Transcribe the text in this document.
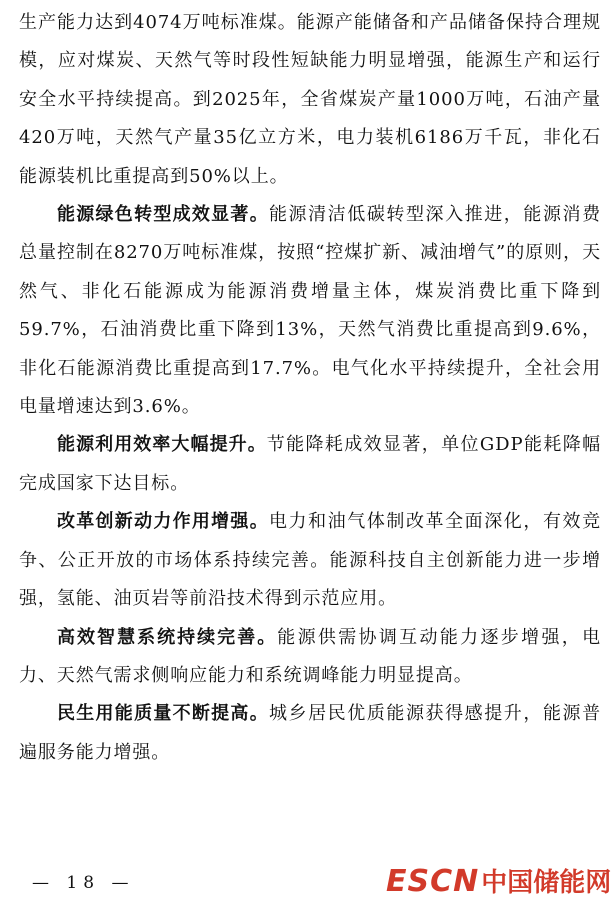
生产能力达到4074万吨标准煤。能源产能储备和产品储备保持合理规模，应对煤炭、天然气等时段性短缺能力明显增强，能源生产和运行安全水平持续提高。到2025年，全省煤炭产量1000万吨，石油产量420万吨，天然气产量35亿立方米，电力装机6186万千瓦，非化石能源装机比重提高到50%以上。

能源绿色转型成效显著。能源清洁低碳转型深入推进，能源消费总量控制在8270万吨标准煤，按照“控煤扩新、减油增气”的原则，天然气、非化石能源成为能源消费增量主体，煤炭消费比重下降到59.7%，石油消费比重下降到13%，天然气消费比重提高到9.6%，非化石能源消费比重提高到17.7%。电气化水平持续提升，全社会用电量增速达到3.6%。

能源利用效率大幅提升。节能降耗成效显著，单位GDP能耗降幅完成国家下达目标。

改革创新动力作用增强。电力和油气体制改革全面深化，有效竞争、公正开放的市场体系持续完善。能源科技自主创新能力进一步增强，氢能、油页岩等前沿技术得到示范应用。

高效智慧系统持续完善。能源供需协调互动能力逐步增强，电力、天然气需求侧响应能力和系统调峰能力明显提高。

民生用能质量不断提高。城乡居民优质能源获得感提升，能源普遍服务能力增强。

— 18 —	ESCN中国储能网
